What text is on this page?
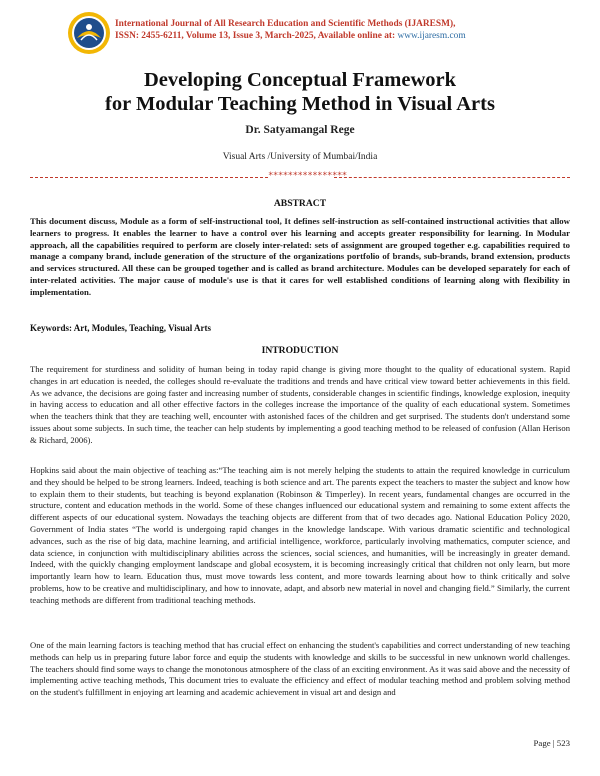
International Journal of All Research Education and Scientific Methods (IJARESM),
ISSN: 2455-6211, Volume 13, Issue 3, March-2025, Available online at: www.ijaresm.com
Developing Conceptual Framework
for Modular Teaching Method in Visual Arts
Dr. Satyamangal Rege
Visual Arts /University of Mumbai/India
****************
ABSTRACT
This document discuss, Module as a form of self-instructional tool, It defines self-instruction as self-contained instructional activities that allow learners to progress. It enables the learner to have a control over his learning and accepts greater responsibility for learning. In Modular approach, all the capabilities required to perform are closely inter-related: sets of assignment are grouped together e.g. capabilities required to manage a company brand, include generation of the structure of the organizations portfolio of brands, sub-brands, brand extension, products and services structured. All these can be grouped together and is called as brand architecture. Modules can be developed separately for each of inter-related activities. The major cause of module's use is that it cares for well established conditions of learning along with flexibility in implementation.
Keywords: Art, Modules, Teaching, Visual Arts
INTRODUCTION
The requirement for sturdiness and solidity of human being in today rapid change is giving more thought to the quality of educational system. Rapid changes in art education is needed, the colleges should re-evaluate the traditions and trends and have critical view toward better achievements in this field. As we advance, the decisions are going faster and increasing number of students, considerable changes in scientific findings, knowledge explosion, inequity in having access to education and all other effective factors in the colleges increase the importance of the quality of each educational system. Sometimes when the teachers think that they are teaching well, encounter with astonished faces of the children and get surprised. The students don't understand some issues about some subjects. In such time, the teacher can help students by implementing a good teaching method to be released of confusion (Allan Herison & Richard, 2006).
Hopkins said about the main objective of teaching as:“The teaching aim is not merely helping the students to attain the required knowledge in curriculum and they should be helped to be strong learners. Indeed, teaching is both science and art. The parents expect the teachers to master the subject and know how to explain them to their students, but teaching is beyond explanation (Robinson & Timperley). In recent years, fundamental changes are occurred in the structure, content and education methods in the world. Some of these changes influenced our educational system and remaining to some extent affects the different aspects of our educational system. Nowadays the teaching objects are different from that of two decades ago. National Education Policy 2020, Government of India states “The world is undergoing rapid changes in the knowledge landscape. With various dramatic scientific and technological advances, such as the rise of big data, machine learning, and artificial intelligence, workforce, particularly involving mathematics, computer science, and data science, in conjunction with multidisciplinary abilities across the sciences, social sciences, and humanities, will be increasingly in greater demand. Indeed, with the quickly changing employment landscape and global ecosystem, it is becoming increasingly critical that children not only learn, but more importantly learn how to learn. Education thus, must move towards less content, and more towards learning about how to think critically and solve problems, how to be creative and multidisciplinary, and how to innovate, adapt, and absorb new material in novel and changing field.” Similarly, the current teaching methods are different from traditional teaching methods.
One of the main learning factors is teaching method that has crucial effect on enhancing the student's capabilities and correct understanding of new teaching methods can help us in preparing future labor force and equip the students with knowledge and skills to be successful in new unknown world challenges. The teachers should find some ways to change the monotonous atmosphere of the class of an exciting environment. As it was said above and the necessity of implementing active teaching methods, This document tries to evaluate the efficiency and effect of modular teaching method and problem solving method on the student's fulfillment in enjoying art learning and academic achievement in visual art and design and
Page | 523
